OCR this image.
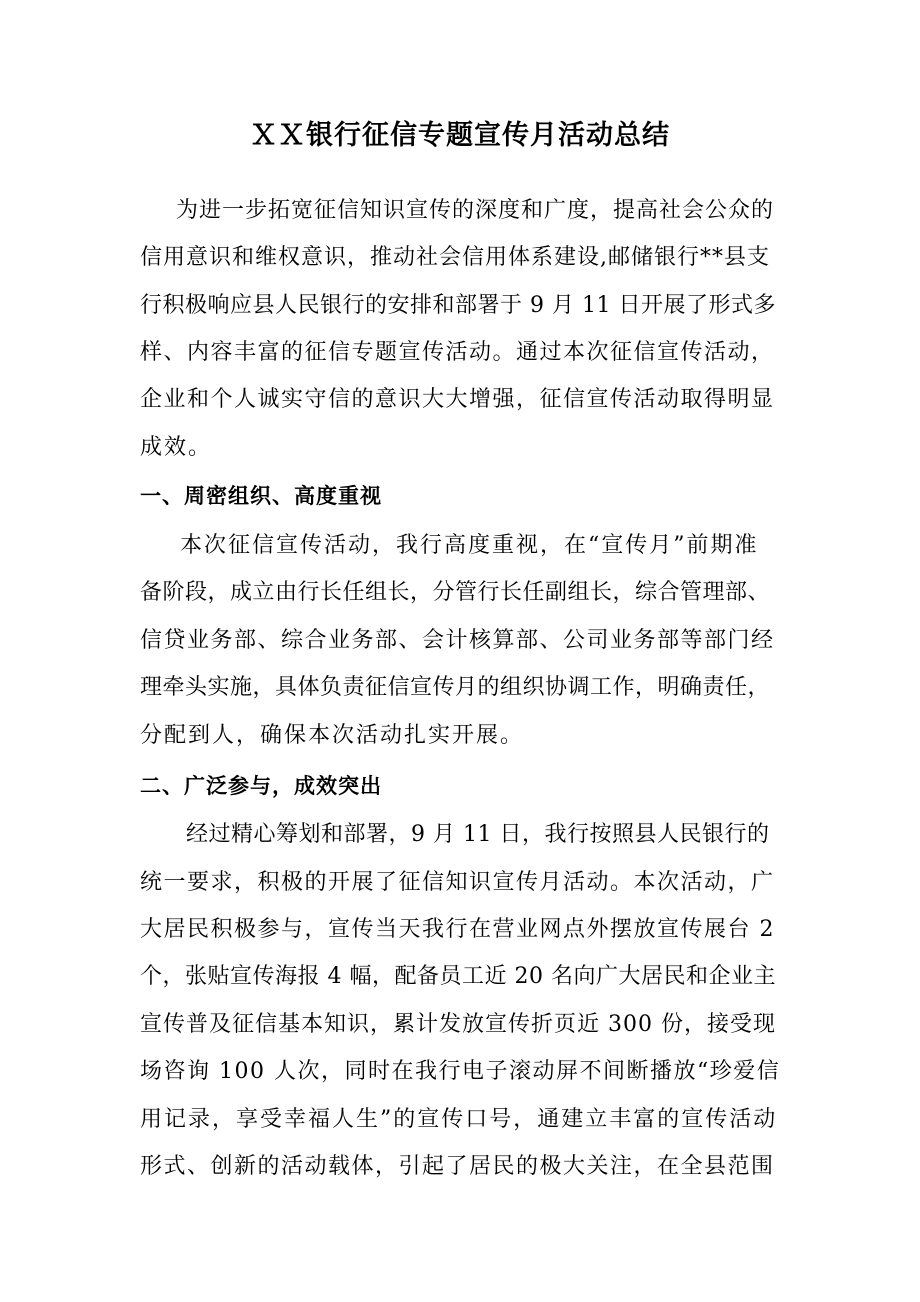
ＸＸ银行征信专题宣传月活动总结
为进一步拓宽征信知识宣传的深度和广度，提高社会公众的
信用意识和维权意识，推动社会信用体系建设,邮储银行**县支
行积极响应县人民银行的安排和部署于 9 月 11 日开展了形式多
样、内容丰富的征信专题宣传活动。通过本次征信宣传活动，
企业和个人诚实守信的意识大大增强，征信宣传活动取得明显
成效。
一、周密组织、高度重视
本次征信宣传活动，我行高度重视，在“宣传月”前期准
备阶段，成立由行长任组长，分管行长任副组长，综合管理部、
信贷业务部、综合业务部、会计核算部、公司业务部等部门经
理牵头实施，具体负责征信宣传月的组织协调工作，明确责任，
分配到人，确保本次活动扎实开展。
二、广泛参与，成效突出
经过精心筹划和部署，9 月 11 日，我行按照县人民银行的
统一要求，积极的开展了征信知识宣传月活动。本次活动，广
大居民积极参与，宣传当天我行在营业网点外摆放宣传展台 2
个，张贴宣传海报 4 幅，配备员工近 20 名向广大居民和企业主
宣传普及征信基本知识，累计发放宣传折页近 300 份，接受现
场咨询 100 人次，同时在我行电子滚动屏不间断播放“珍爱信
用记录，享受幸福人生”的宣传口号，通建立丰富的宣传活动
形式、创新的活动载体，引起了居民的极大关注，在全县范围
